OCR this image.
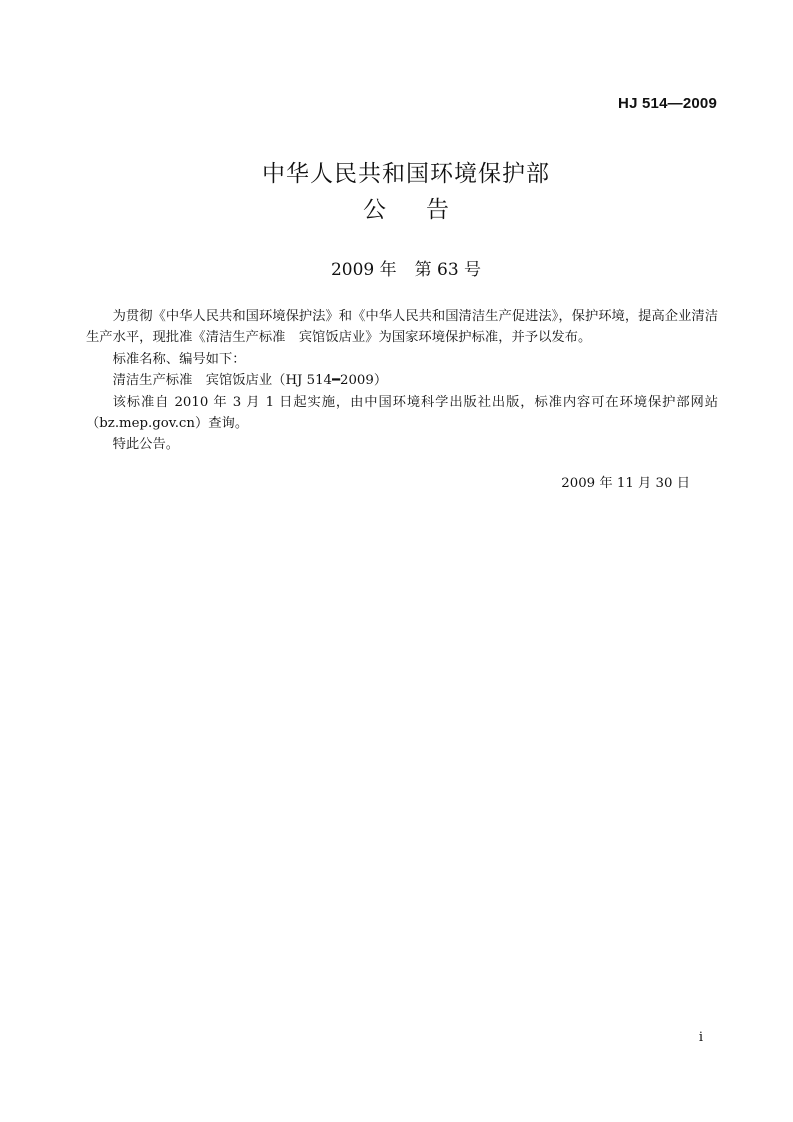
HJ 514—2009
中华人民共和国环境保护部
公 告
2009 年 第 63 号

为贯彻《中华人民共和国环境保护法》和《中华人民共和国清洁生产促进法》，保护环境，提高企业清洁生产水平，现批准《清洁生产标准　宾馆饭店业》为国家环境保护标准，并予以发布。

标准名称、编号如下：

清洁生产标准　宾馆饭店业（HJ 514━2009）

该标准自 2010 年 3 月 1 日起实施，由中国环境科学出版社出版，标准内容可在环境保护部网站（bz.mep.gov.cn）查询。

特此公告。

2009 年 11 月 30 日
i
